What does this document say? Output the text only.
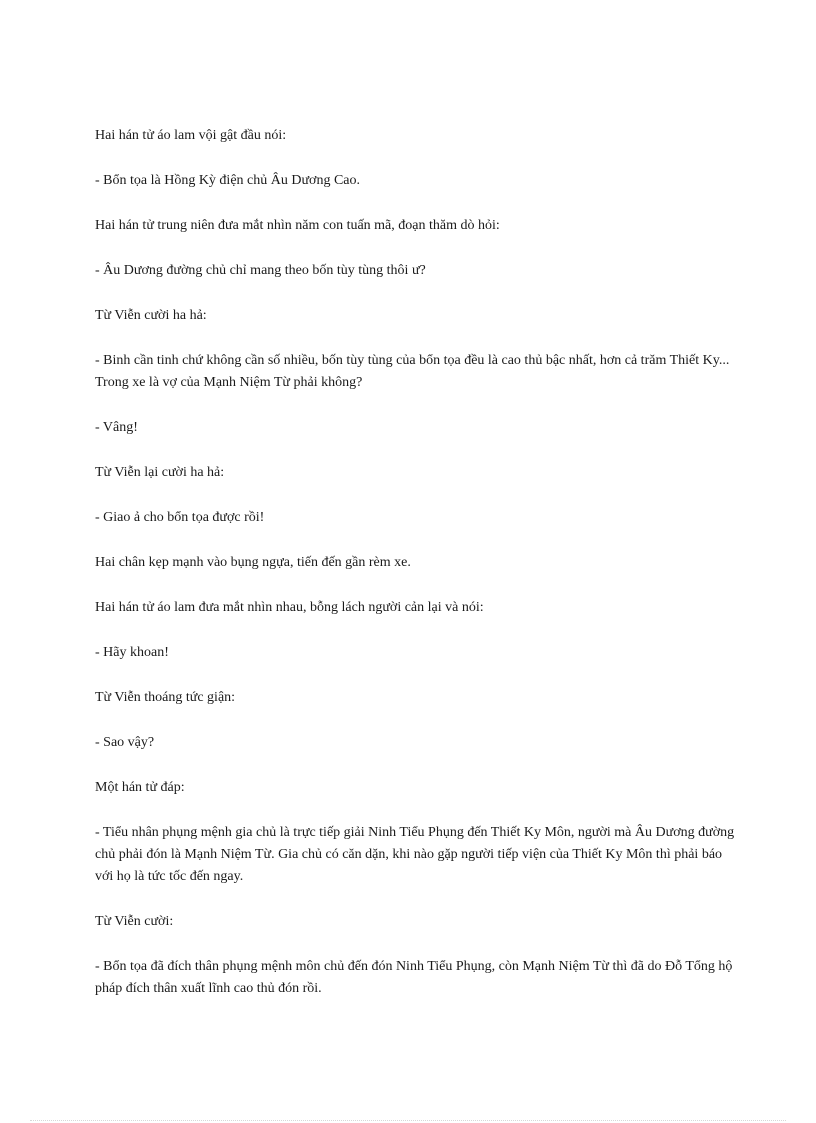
Hai hán tử áo lam vội gật đầu nói:

- Bổn tọa là Hồng Kỳ điện chủ Âu Dương Cao.

Hai hán tử trung niên đưa mắt nhìn năm con tuấn mã, đoạn thăm dò hỏi:

- Âu Dương đường chủ chỉ mang theo bốn tùy tùng thôi ư?

Từ Viễn cười ha hả:

- Binh cần tinh chứ không cần số nhiều, bốn tùy tùng của bổn tọa đều là cao thủ bậc nhất, hơn cả trăm Thiết Ky... Trong xe là vợ của Mạnh Niệm Từ phải không?

- Vâng!

Từ Viễn lại cười ha hả:

- Giao ả cho bổn tọa được rồi!

Hai chân kẹp mạnh vào bụng ngựa, tiến đến gần rèm xe.

Hai hán tử áo lam đưa mắt nhìn nhau, bỗng lách người cản lại và nói:

- Hãy khoan!

Từ Viễn thoáng tức giận:

- Sao vậy?

Một hán tử đáp:

- Tiểu nhân phụng mệnh gia chủ là trực tiếp giải Ninh Tiểu Phụng đến Thiết Ky Môn, người mà Âu Dương đường chủ phải đón là Mạnh Niệm Từ. Gia chủ có căn dặn, khi nào gặp người tiếp viện của Thiết Ky Môn thì phải báo với họ là tức tốc đến ngay.

Từ Viễn cười:

- Bổn tọa đã đích thân phụng mệnh môn chủ đến đón Ninh Tiểu Phụng, còn Mạnh Niệm Từ thì đã do Đỗ Tổng hộ pháp đích thân xuất lĩnh cao thủ đón rồi.
